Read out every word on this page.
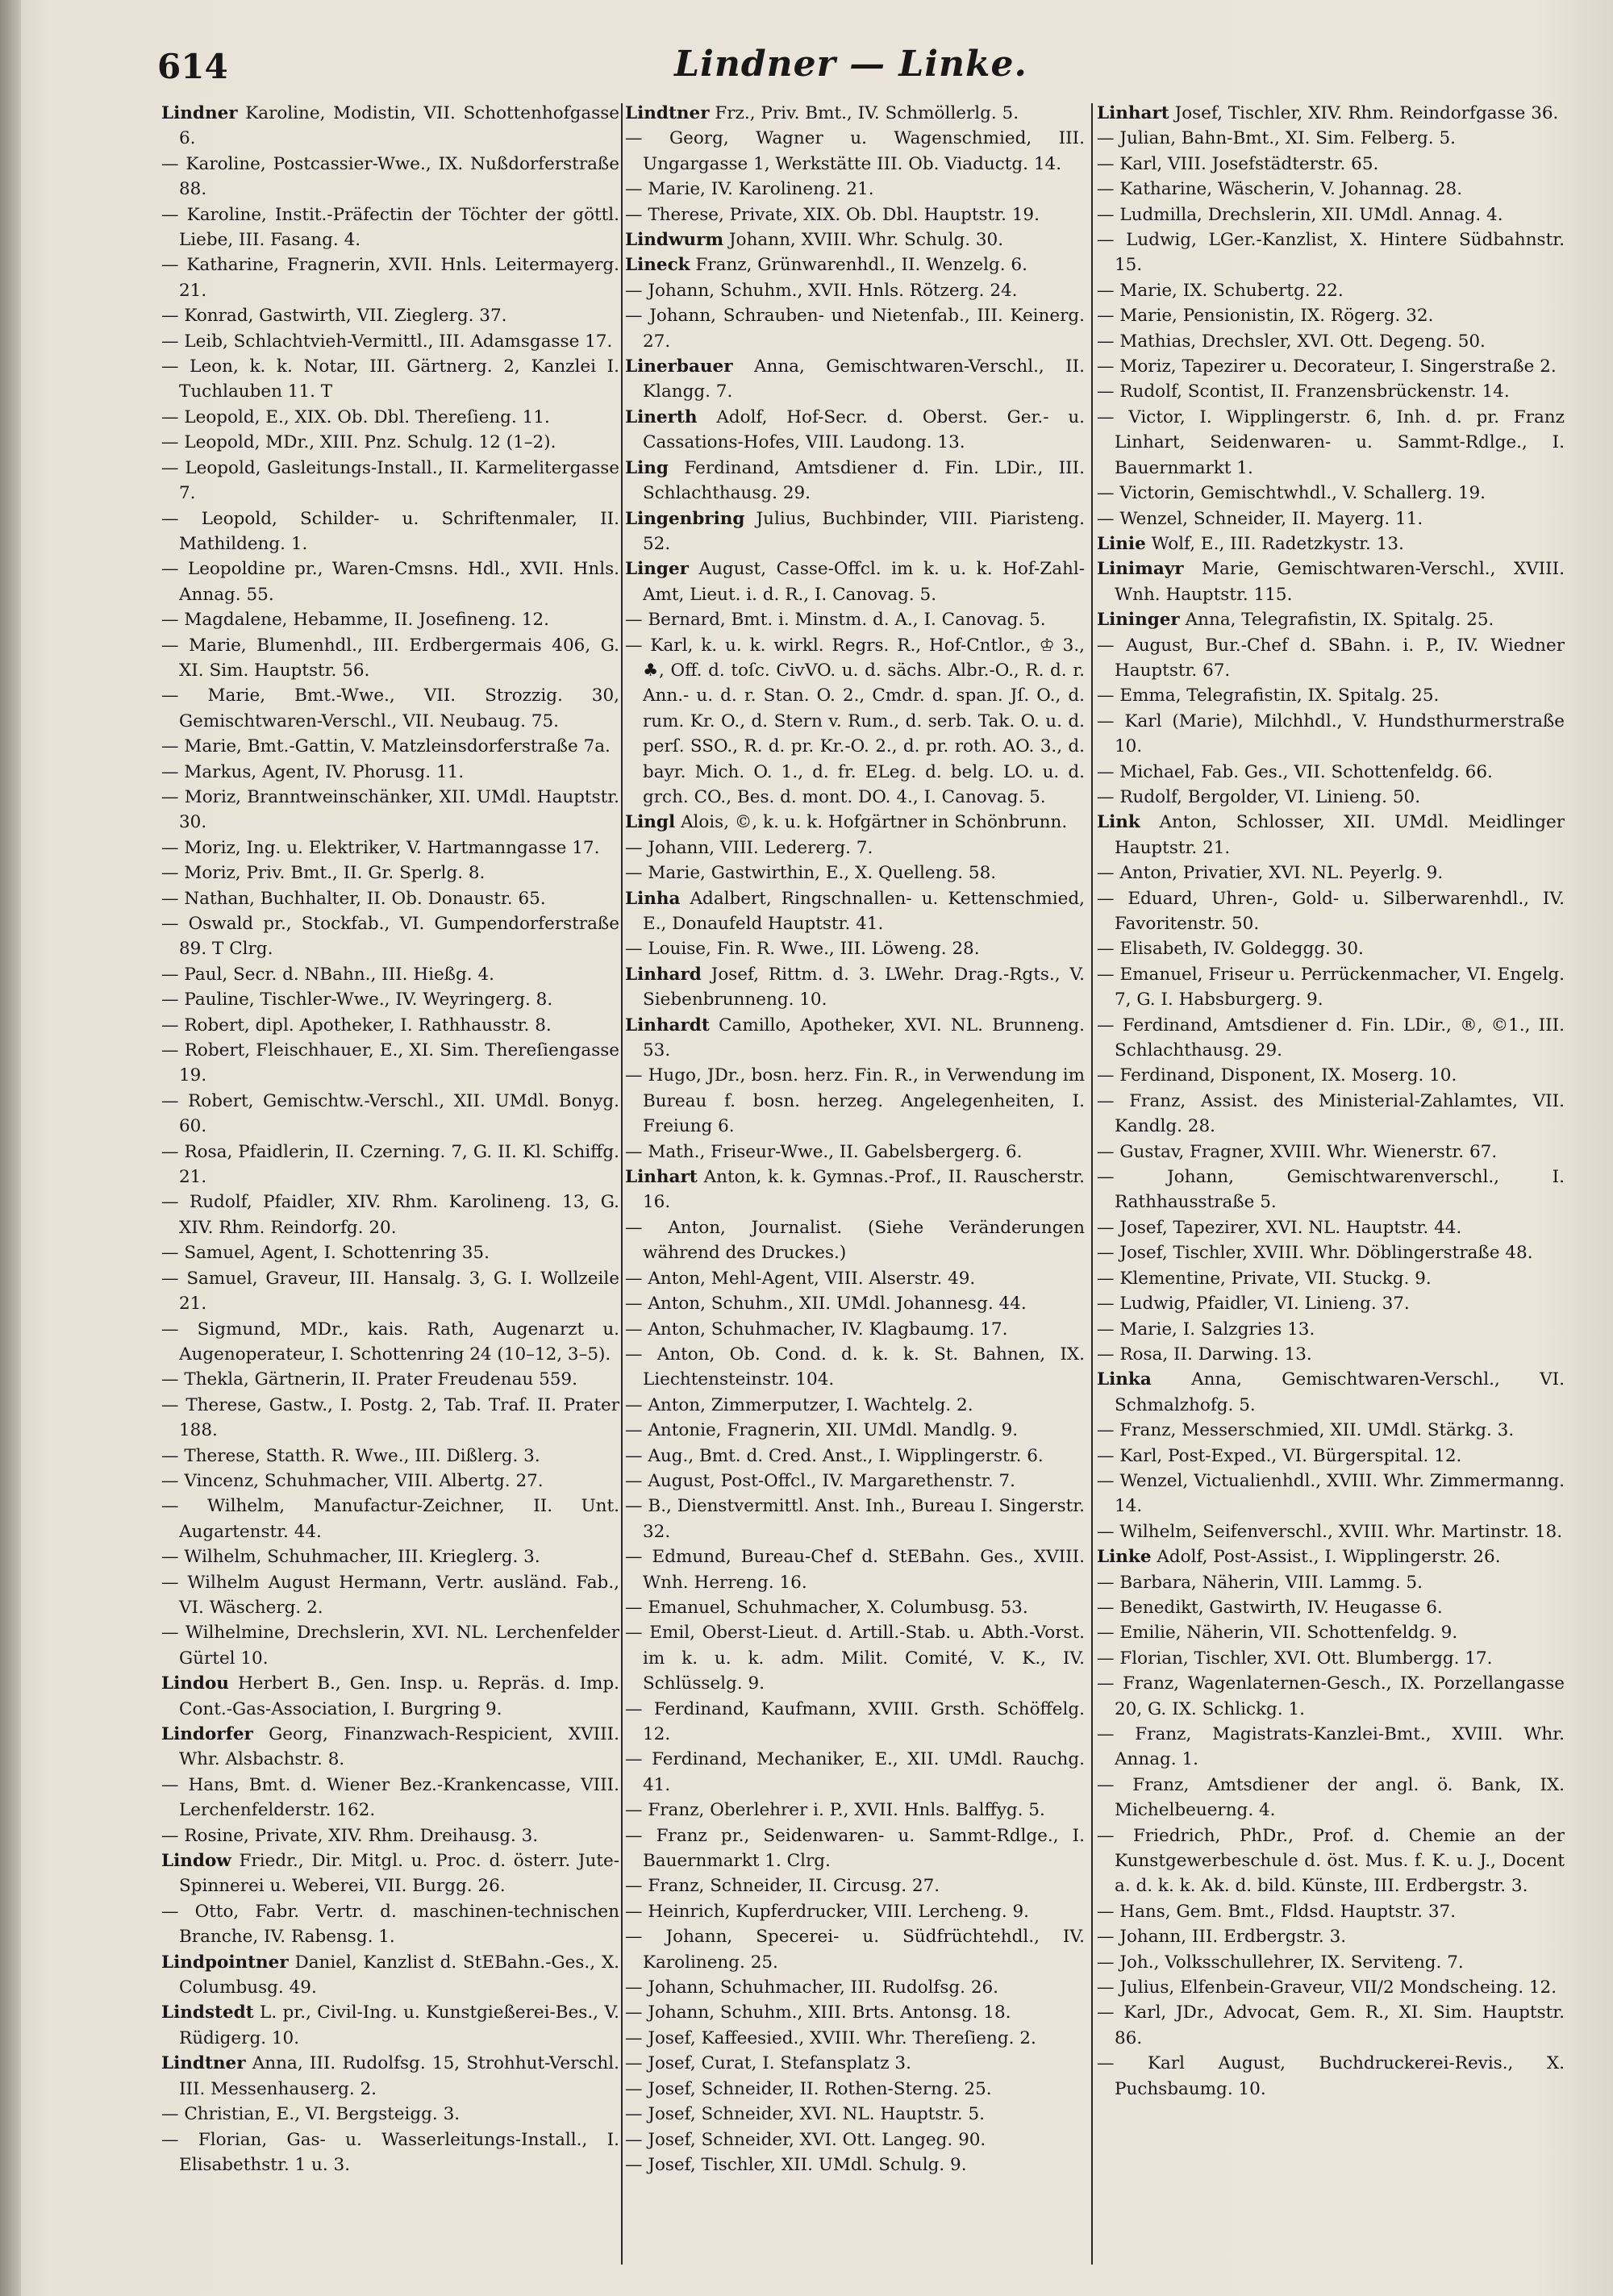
614	Lindner — Linke.

Lindner Karoline, Modistin, VII. Schottenhofgasse 6.

— Karoline, Postcassier-Wwe., IX. Nußdorferstraße 88.

— Karoline, Instit.-Präfectin der Töchter der göttl. Liebe, III. Fasang. 4.

— Katharine, Fragnerin, XVII. Hnls. Leitermayerg. 21.

— Konrad, Gastwirth, VII. Zieglerg. 37.

— Leib, Schlachtvieh-Vermittl., III. Adamsgasse 17.

— Leon, k. k. Notar, III. Gärtnerg. 2, Kanzlei I. Tuchlauben 11. T

— Leopold, E., XIX. Ob. Dbl. Thereſieng. 11.

— Leopold, MDr., XIII. Pnz. Schulg. 12 (1–2).

— Leopold, Gasleitungs-Install., II. Karmelitergasse 7.

— Leopold, Schilder- u. Schriftenmaler, II. Mathildeng. 1.

— Leopoldine pr., Waren-Cmsns. Hdl., XVII. Hnls. Annag. 55.

— Magdalene, Hebamme, II. Josefineng. 12.

— Marie, Blumenhdl., III. Erdbergermais 406, G. XI. Sim. Hauptstr. 56.

— Marie, Bmt.-Wwe., VII. Strozzig. 30, Gemischtwaren-Verschl., VII. Neubaug. 75.

— Marie, Bmt.-Gattin, V. Matzleinsdorferstraße 7a.

— Markus, Agent, IV. Phorusg. 11.

— Moriz, Branntweinschänker, XII. UMdl. Hauptstr. 30.

— Moriz, Ing. u. Elektriker, V. Hartmanngasse 17.

— Moriz, Priv. Bmt., II. Gr. Sperlg. 8.

— Nathan, Buchhalter, II. Ob. Donaustr. 65.

— Oswald pr., Stockfab., VI. Gumpendorferstraße 89. T Clrg.

— Paul, Secr. d. NBahn., III. Hießg. 4.

— Pauline, Tischler-Wwe., IV. Weyringerg. 8.

— Robert, dipl. Apotheker, I. Rathhausstr. 8.

— Robert, Fleischhauer, E., XI. Sim. Thereſiengasse 19.

— Robert, Gemischtw.-Verschl., XII. UMdl. Bonyg. 60.

— Rosa, Pfaidlerin, II. Czerning. 7, G. II. Kl. Schiffg. 21.

— Rudolf, Pfaidler, XIV. Rhm. Karolineng. 13, G. XIV. Rhm. Reindorfg. 20.

— Samuel, Agent, I. Schottenring 35.

— Samuel, Graveur, III. Hansalg. 3, G. I. Wollzeile 21.

— Sigmund, MDr., kais. Rath, Augenarzt u. Augenoperateur, I. Schottenring 24 (10–12, 3–5).

— Thekla, Gärtnerin, II. Prater Freudenau 559.

— Therese, Gastw., I. Postg. 2, Tab. Traf. II. Prater 188.

— Therese, Statth. R. Wwe., III. Dißlerg. 3.

— Vincenz, Schuhmacher, VIII. Albertg. 27.

— Wilhelm, Manufactur-Zeichner, II. Unt. Augartenstr. 44.

— Wilhelm, Schuhmacher, III. Krieglerg. 3.

— Wilhelm August Hermann, Vertr. ausländ. Fab., VI. Wäscherg. 2.

— Wilhelmine, Drechslerin, XVI. NL. Lerchenfelder Gürtel 10.

Lindou Herbert B., Gen. Insp. u. Repräs. d. Imp. Cont.-Gas-Association, I. Burgring 9.

Lindorfer Georg, Finanzwach-Respicient, XVIII. Whr. Alsbachstr. 8.

— Hans, Bmt. d. Wiener Bez.-Krankencasse, VIII. Lerchenfelderstr. 162.

— Rosine, Private, XIV. Rhm. Dreihausg. 3.

Lindow Friedr., Dir. Mitgl. u. Proc. d. österr. Jute-Spinnerei u. Weberei, VII. Burgg. 26.

— Otto, Fabr. Vertr. d. maschinen-technischen Branche, IV. Rabensg. 1.

Lindpointner Daniel, Kanzlist d. StEBahn.-Ges., X. Columbusg. 49.

Lindstedt L. pr., Civil-Ing. u. Kunstgießerei-Bes., V. Rüdigerg. 10.

Lindtner Anna, III. Rudolfsg. 15, Strohhut-Verschl. III. Messenhauserg. 2.

— Christian, E., VI. Bergsteigg. 3.

— Florian, Gas- u. Wasserleitungs-Install., I. Elisabethstr. 1 u. 3.

Lindtner Frz., Priv. Bmt., IV. Schmöllerlg. 5.

— Georg, Wagner u. Wagenschmied, III. Ungargasse 1, Werkstätte III. Ob. Viaductg. 14.

— Marie, IV. Karolineng. 21.

— Therese, Private, XIX. Ob. Dbl. Hauptstr. 19.

Lindwurm Johann, XVIII. Whr. Schulg. 30.

Lineck Franz, Grünwarenhdl., II. Wenzelg. 6.

— Johann, Schuhm., XVII. Hnls. Rötzerg. 24.

— Johann, Schrauben- und Nietenfab., III. Keinerg. 27.

Linerbauer Anna, Gemischtwaren-Verschl., II. Klangg. 7.

Linerth Adolf, Hof-Secr. d. Oberst. Ger.- u. Cassations-Hofes, VIII. Laudong. 13.

Ling Ferdinand, Amtsdiener d. Fin. LDir., III. Schlachthausg. 29.

Lingenbring Julius, Buchbinder, VIII. Piaristeng. 52.

Linger August, Casse-Offcl. im k. u. k. Hof-Zahl-Amt, Lieut. i. d. R., I. Canovag. 5.

— Bernard, Bmt. i. Minstm. d. A., I. Canovag. 5.

— Karl, k. u. k. wirkl. Regrs. R., Hof-Cntlor., ♔ 3., ♣, Off. d. toſc. CivVO. u. d. sächs. Albr.-O., R. d. r. Ann.- u. d. r. Stan. O. 2., Cmdr. d. span. Jſ. O., d. rum. Kr. O., d. Stern v. Rum., d. serb. Tak. O. u. d. perſ. SSO., R. d. pr. Kr.-O. 2., d. pr. roth. AO. 3., d. bayr. Mich. O. 1., d. fr. ELeg. d. belg. LO. u. d. grch. CO., Bes. d. mont. DO. 4., I. Canovag. 5.

Lingl Alois, ©, k. u. k. Hofgärtner in Schönbrunn.

— Johann, VIII. Ledererg. 7.

— Marie, Gastwirthin, E., X. Quelleng. 58.

Linha Adalbert, Ringschnallen- u. Kettenschmied, E., Donaufeld Hauptstr. 41.

— Louise, Fin. R. Wwe., III. Löweng. 28.

Linhard Josef, Rittm. d. 3. LWehr. Drag.-Rgts., V. Siebenbrunneng. 10.

Linhardt Camillo, Apotheker, XVI. NL. Brunneng. 53.

— Hugo, JDr., bosn. herz. Fin. R., in Verwendung im Bureau f. bosn. herzeg. Angelegenheiten, I. Freiung 6.

— Math., Friseur-Wwe., II. Gabelsbergerg. 6.

Linhart Anton, k. k. Gymnas.-Prof., II. Rauscherstr. 16.

— Anton, Journalist. (Siehe Veränderungen während des Druckes.)

— Anton, Mehl-Agent, VIII. Alserstr. 49.

— Anton, Schuhm., XII. UMdl. Johannesg. 44.

— Anton, Schuhmacher, IV. Klagbaumg. 17.

— Anton, Ob. Cond. d. k. k. St. Bahnen, IX. Liechtensteinstr. 104.

— Anton, Zimmerputzer, I. Wachtelg. 2.

— Antonie, Fragnerin, XII. UMdl. Mandlg. 9.

— Aug., Bmt. d. Cred. Anst., I. Wipplingerstr. 6.

— August, Post-Offcl., IV. Margarethenstr. 7.

— B., Dienstvermittl. Anst. Inh., Bureau I. Singerstr. 32.

— Edmund, Bureau-Chef d. StEBahn. Ges., XVIII. Wnh. Herreng. 16.

— Emanuel, Schuhmacher, X. Columbusg. 53.

— Emil, Oberst-Lieut. d. Artill.-Stab. u. Abth.-Vorst. im k. u. k. adm. Milit. Comité, V. K., IV. Schlüsselg. 9.

— Ferdinand, Kaufmann, XVIII. Grsth. Schöffelg. 12.

— Ferdinand, Mechaniker, E., XII. UMdl. Rauchg. 41.

— Franz, Oberlehrer i. P., XVII. Hnls. Balffyg. 5.

— Franz pr., Seidenwaren- u. Sammt-Rdlge., I. Bauernmarkt 1. Clrg.

— Franz, Schneider, II. Circusg. 27.

— Heinrich, Kupferdrucker, VIII. Lercheng. 9.

— Johann, Specerei- u. Südfrüchtehdl., IV. Karolineng. 25.

— Johann, Schuhmacher, III. Rudolfsg. 26.

— Johann, Schuhm., XIII. Brts. Antonsg. 18.

— Josef, Kaffeesied., XVIII. Whr. Thereſieng. 2.

— Josef, Curat, I. Stefansplatz 3.

— Josef, Schneider, II. Rothen-Sterng. 25.

— Josef, Schneider, XVI. NL. Hauptstr. 5.

— Josef, Schneider, XVI. Ott. Langeg. 90.

— Josef, Tischler, XII. UMdl. Schulg. 9.

Linhart Josef, Tischler, XIV. Rhm. Reindorfgasse 36.

— Julian, Bahn-Bmt., XI. Sim. Felberg. 5.

— Karl, VIII. Josefstädterstr. 65.

— Katharine, Wäscherin, V. Johannag. 28.

— Ludmilla, Drechslerin, XII. UMdl. Annag. 4.

— Ludwig, LGer.-Kanzlist, X. Hintere Südbahnstr. 15.

— Marie, IX. Schubertg. 22.

— Marie, Pensionistin, IX. Rögerg. 32.

— Mathias, Drechsler, XVI. Ott. Degeng. 50.

— Moriz, Tapezirer u. Decorateur, I. Singerstraße 2.

— Rudolf, Scontist, II. Franzensbrückenstr. 14.

— Victor, I. Wipplingerstr. 6, Inh. d. pr. Franz Linhart, Seidenwaren- u. Sammt-Rdlge., I. Bauernmarkt 1.

— Victorin, Gemischtwhdl., V. Schallerg. 19.

— Wenzel, Schneider, II. Mayerg. 11.

Linie Wolf, E., III. Radetzkystr. 13.

Linimayr Marie, Gemischtwaren-Verschl., XVIII. Wnh. Hauptstr. 115.

Lininger Anna, Telegrafistin, IX. Spitalg. 25.

— August, Bur.-Chef d. SBahn. i. P., IV. Wiedner Hauptstr. 67.

— Emma, Telegrafistin, IX. Spitalg. 25.

— Karl (Marie), Milchhdl., V. Hundsthurmerstraße 10.

— Michael, Fab. Ges., VII. Schottenfeldg. 66.

— Rudolf, Bergolder, VI. Linieng. 50.

Link Anton, Schlosser, XII. UMdl. Meidlinger Hauptstr. 21.

— Anton, Privatier, XVI. NL. Peyerlg. 9.

— Eduard, Uhren-, Gold- u. Silberwarenhdl., IV. Favoritenstr. 50.

— Elisabeth, IV. Goldeggg. 30.

— Emanuel, Friseur u. Perrückenmacher, VI. Engelg. 7, G. I. Habsburgerg. 9.

— Ferdinand, Amtsdiener d. Fin. LDir., ®, ©1., III. Schlachthausg. 29.

— Ferdinand, Disponent, IX. Moserg. 10.

— Franz, Assist. des Ministerial-Zahlamtes, VII. Kandlg. 28.

— Gustav, Fragner, XVIII. Whr. Wienerstr. 67.

— Johann, Gemischtwarenverschl., I. Rathhausstraße 5.

— Josef, Tapezirer, XVI. NL. Hauptstr. 44.

— Josef, Tischler, XVIII. Whr. Döblingerstraße 48.

— Klementine, Private, VII. Stuckg. 9.

— Ludwig, Pfaidler, VI. Linieng. 37.

— Marie, I. Salzgries 13.

— Rosa, II. Darwing. 13.

Linka Anna, Gemischtwaren-Verschl., VI. Schmalzhofg. 5.

— Franz, Messerschmied, XII. UMdl. Stärkg. 3.

— Karl, Post-Exped., VI. Bürgerspital. 12.

— Wenzel, Victualienhdl., XVIII. Whr. Zimmermanng. 14.

— Wilhelm, Seifenverschl., XVIII. Whr. Martinstr. 18.

Linke Adolf, Post-Assist., I. Wipplingerstr. 26.

— Barbara, Näherin, VIII. Lammg. 5.

— Benedikt, Gastwirth, IV. Heugasse 6.

— Emilie, Näherin, VII. Schottenfeldg. 9.

— Florian, Tischler, XVI. Ott. Blumbergg. 17.

— Franz, Wagenlaternen-Gesch., IX. Porzellangasse 20, G. IX. Schlickg. 1.

— Franz, Magistrats-Kanzlei-Bmt., XVIII. Whr. Annag. 1.

— Franz, Amtsdiener der angl. ö. Bank, IX. Michelbeuerng. 4.

— Friedrich, PhDr., Prof. d. Chemie an der Kunstgewerbeschule d. öst. Mus. f. K. u. J., Docent a. d. k. k. Ak. d. bild. Künste, III. Erdbergstr. 3.

— Hans, Gem. Bmt., Fldsd. Hauptstr. 37.

— Johann, III. Erdbergstr. 3.

— Joh., Volksschullehrer, IX. Serviteng. 7.

— Julius, Elfenbein-Graveur, VII/2 Mondscheing. 12.

— Karl, JDr., Advocat, Gem. R., XI. Sim. Hauptstr. 86.

— Karl August, Buchdruckerei-Revis., X. Puchsbaumg. 10.
